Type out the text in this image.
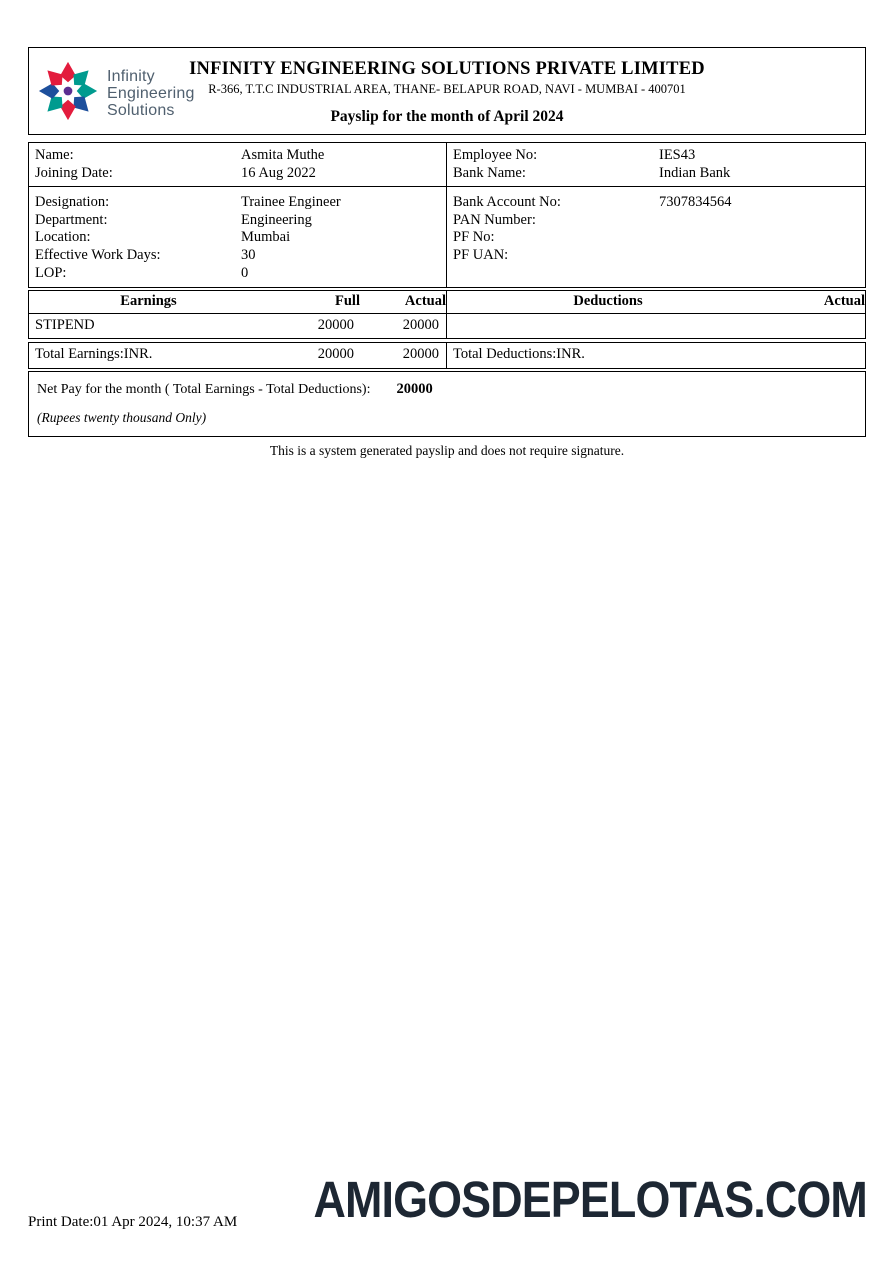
Infinity
Engineering
Solutions
INFINITY ENGINEERING SOLUTIONS PRIVATE LIMITED
R-366, T.T.C INDUSTRIAL AREA, THANE- BELAPUR ROAD, NAVI - MUMBAI - 400701
Payslip for the month of April 2024
Name:	Asmita Muthe
Joining Date:	16 Aug 2022
Employee No:	IES43
Bank Name:	Indian Bank
Designation:	Trainee Engineer
Department:	Engineering
Location:	Mumbai
Effective Work Days:	30
LOP:	0
Bank Account No:	7307834564
PAN Number:
PF No:
PF UAN:
Earnings	Full	Actual	Deductions	Actual
STIPEND	20000	20000
Total Earnings:INR.	20000	20000 Total Deductions:INR.
Net Pay for the month ( Total Earnings - Total Deductions): 20000
(Rupees twenty thousand Only)
This is a system generated payslip and does not require signature.
Print Date:01 Apr 2024, 10:37 AM AMIGOSDEPELOTAS.COM
